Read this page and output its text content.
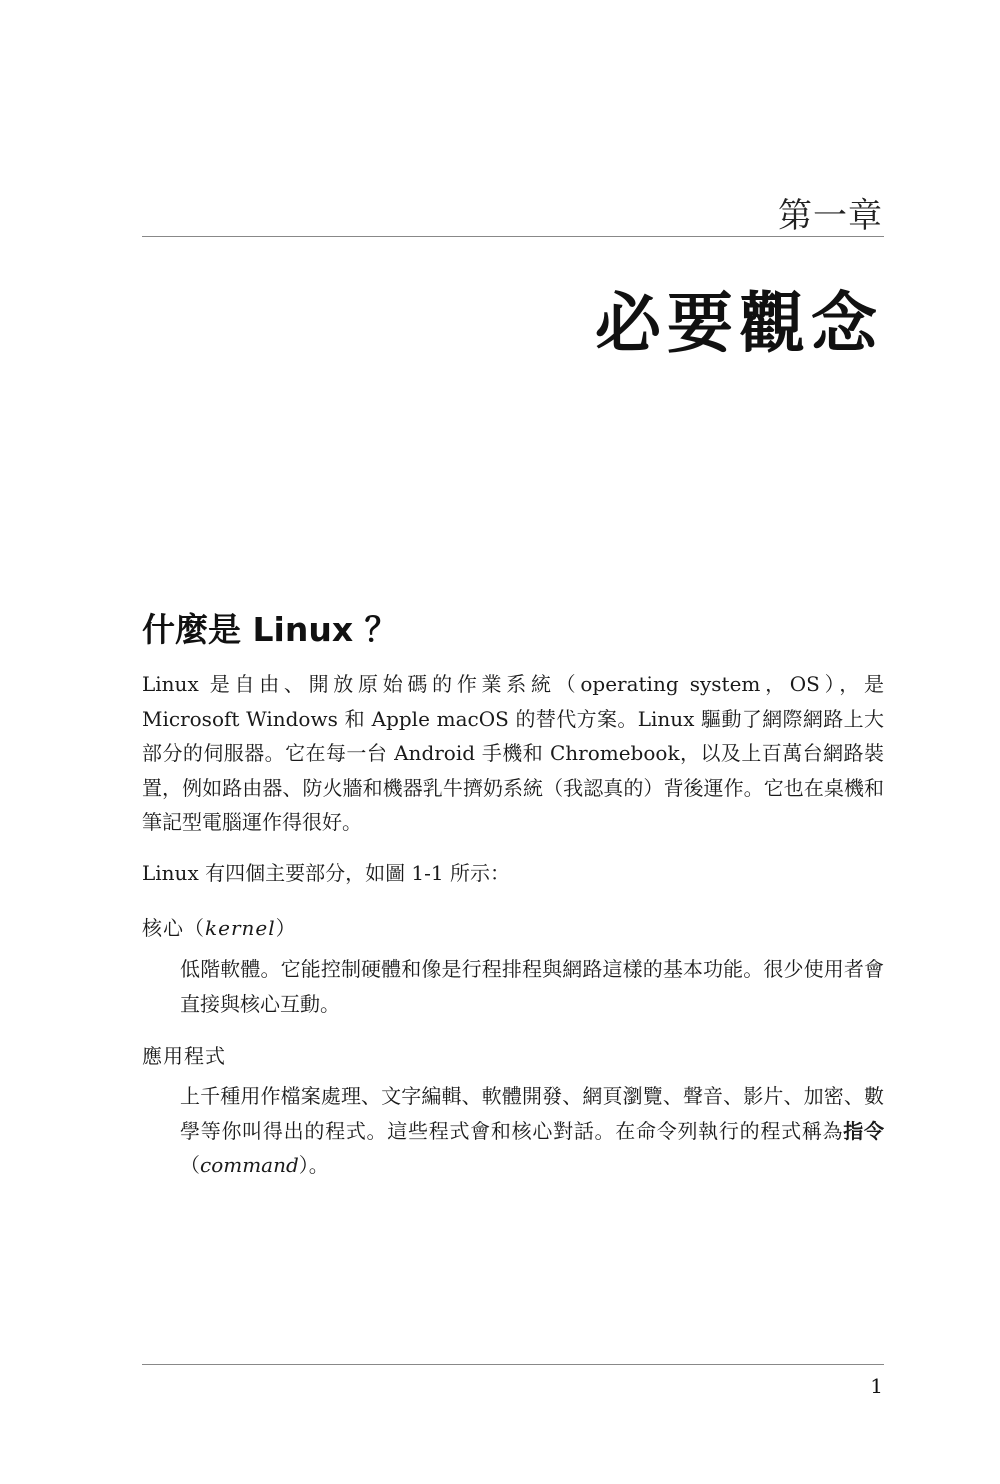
第一章
必要觀念
什麼是 Linux ？

Linux 是自由、開放原始碼的作業系統（operating system，OS），是 Microsoft Windows 和 Apple macOS 的替代方案。Linux 驅動了網際網路上大部分的伺服器。它在每一台 Android 手機和 Chromebook，以及上百萬台網路裝置，例如路由器、防火牆和機器乳牛擠奶系統（我認真的）背後運作。它也在桌機和筆記型電腦運作得很好。

Linux 有四個主要部分，如圖 1-1 所示：

核心（kernel）

低階軟體。它能控制硬體和像是行程排程與網路這樣的基本功能。很少使用者會直接與核心互動。

應用程式

上千種用作檔案處理、文字編輯、軟體開發、網頁瀏覽、聲音、影片、加密、數學等你叫得出的程式。這些程式會和核心對話。在命令列執行的程式稱為指令（command）。

1
